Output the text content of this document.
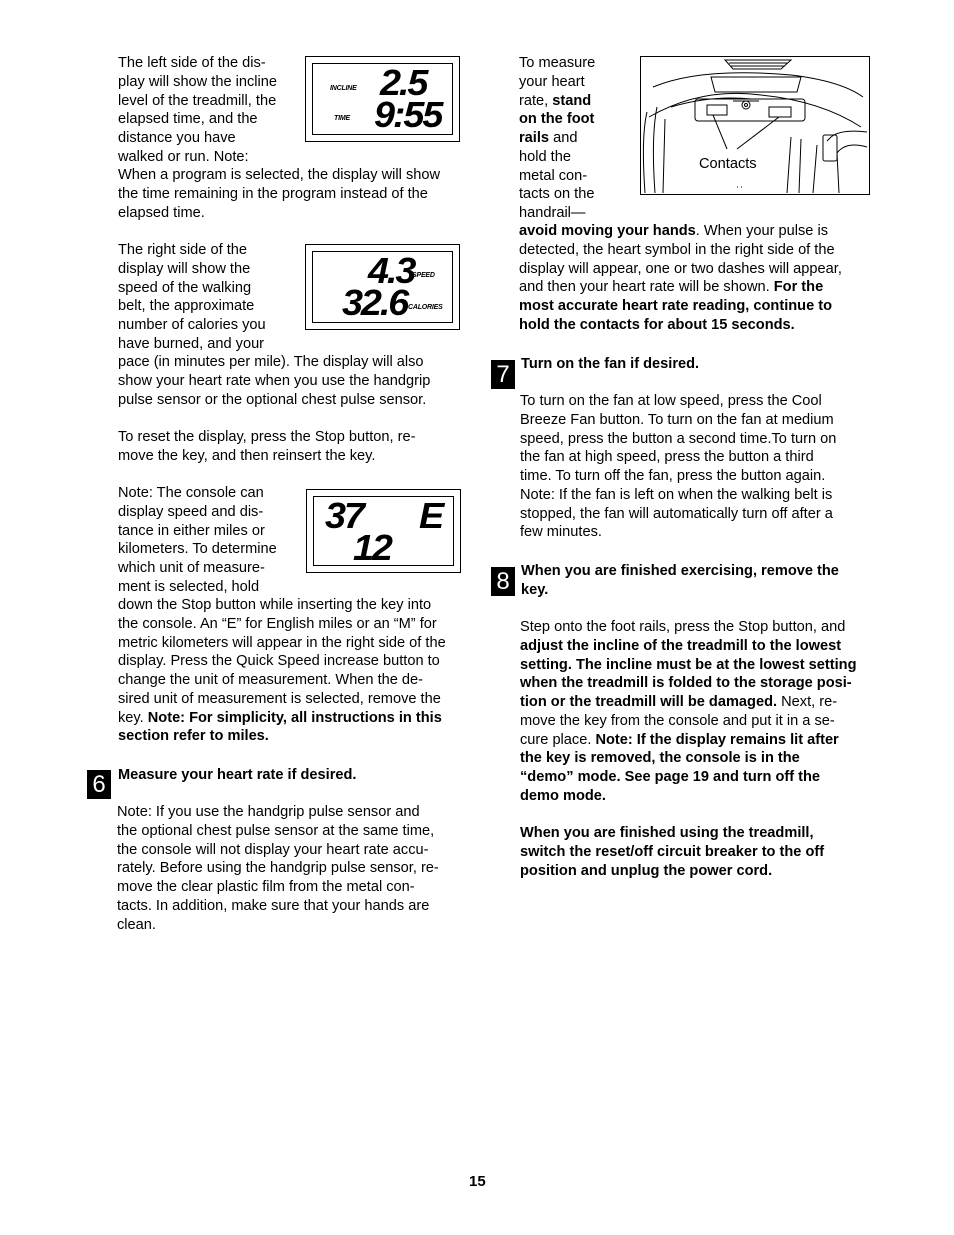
The left side of the dis-
play will show the incline
level of the treadmill, the
elapsed time, and the
distance you have
walked or run. Note:

When a program is selected, the display will show
the time remaining in the program instead of the
elapsed time.

INCLINE
TIME
2.5
9:55

The right side of the
display will show the
speed of the walking
belt, the approximate
number of calories you
have burned, and your

pace (in minutes per mile). The display will also
show your heart rate when you use the handgrip
pulse sensor or the optional chest pulse sensor.

4.3
SPEED
32.6 CALORIES

To reset the display, press the Stop button, re-
move the key, and then reinsert the key.

Note: The console can
display speed and dis-
tance in either miles or
kilometers. To determine
which unit of measure-
ment is selected, hold

down the Stop button while inserting the key into
the console. An “E” for English miles or an “M” for
metric kilometers will appear in the right side of the
display. Press the Quick Speed increase button to
change the unit of measurement. When the de-
sired unit of measurement is selected, remove the
key. Note: For simplicity, all instructions in this
section refer to miles.

37 E
12
6 Measure your heart rate if desired.

Note: If you use the handgrip pulse sensor and
the optional chest pulse sensor at the same time,
the console will not display your heart rate accu-
rately. Before using the handgrip pulse sensor, re-
move the clear plastic film from the metal con-
tacts. In addition, make sure that your hands are
clean.

To measure
your heart
rate, stand
on the foot
rails and
hold the
metal con-
tacts on the
handrail—

avoid moving your hands. When your pulse is
detected, the heart symbol in the right side of the
display will appear, one or two dashes will appear,
and then your heart rate will be shown. For the
most accurate heart rate reading, continue to
hold the contacts for about 15 seconds.

Contacts
7 Turn on the fan if desired.

To turn on the fan at low speed, press the Cool
Breeze Fan button. To turn on the fan at medium
speed, press the button a second time.To turn on
the fan at high speed, press the button a third
time. To turn off the fan, press the button again.
Note: If the fan is left on when the walking belt is
stopped, the fan will automatically turn off after a
few minutes.

8 When you are finished exercising, remove the
key.

Step onto the foot rails, press the Stop button, and
adjust the incline of the treadmill to the lowest
setting. The incline must be at the lowest setting
when the treadmill is folded to the storage posi-
tion or the treadmill will be damaged. Next, re-
move the key from the console and put it in a se-
cure place. Note: If the display remains lit after
the key is removed, the console is in the
“demo” mode. See page 19 and turn off the
demo mode.

When you are finished using the treadmill,
switch the reset/off circuit breaker to the off
position and unplug the power cord.

15
